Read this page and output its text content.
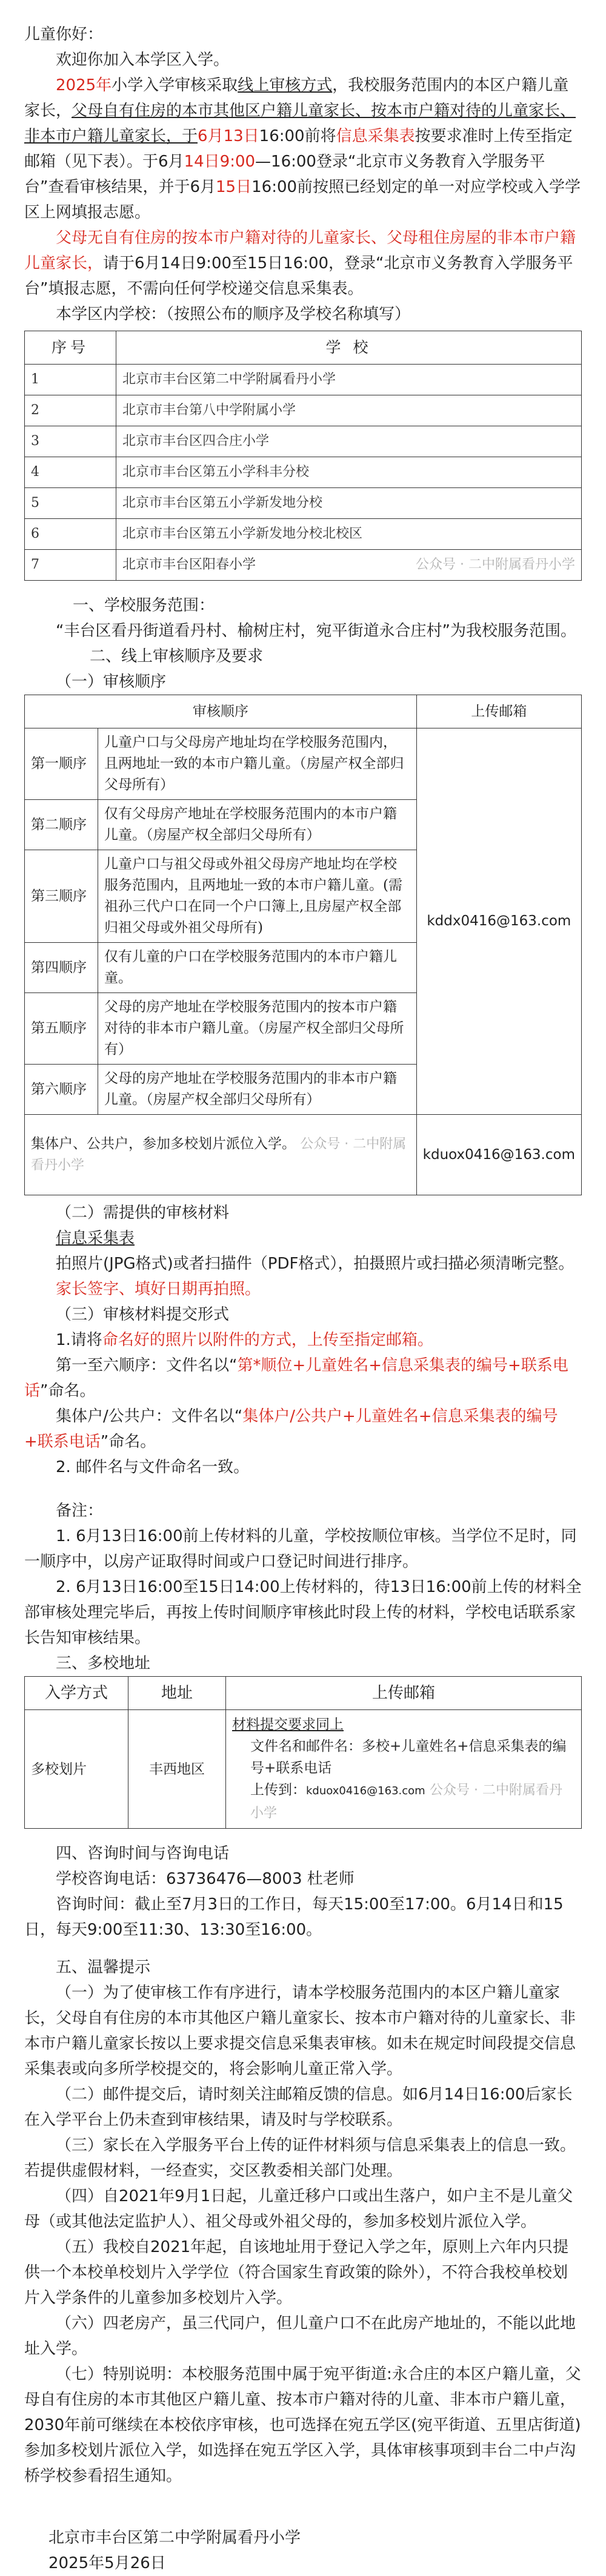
儿童你好：

欢迎你加入本学区入学。

2025年小学入学审核采取线上审核方式，我校服务范围内的本区户籍儿童家长，父母自有住房的本市其他区户籍儿童家长、按本市户籍对待的儿童家长、非本市户籍儿童家长，于6月13日16:00前将信息采集表按要求准时上传至指定邮箱（见下表）。于6月14日9:00—16:00登录“北京市义务教育入学服务平台”查看审核结果，并于6月15日16:00前按照已经划定的单一对应学校或入学学区上网填报志愿。

父母无自有住房的按本市户籍对待的儿童家长、父母租住房屋的非本市户籍儿童家长，请于6月14日9:00至15日16:00，登录“北京市义务教育入学服务平台”填报志愿，不需向任何学校递交信息采集表。

本学区内学校：（按照公布的顺序及学校名称填写）

序号	学 校
1	北京市丰台区第二中学附属看丹小学
2	北京市丰台第八中学附属小学
3	北京市丰台区四合庄小学
4	北京市丰台区第五小学科丰分校
5	北京市丰台区第五小学新发地分校
6	北京市丰台区第五小学新发地分校北校区
7	北京市丰台区阳春小学 公众号 · 二中附属看丹小学

一、学校服务范围：

“丰台区看丹街道看丹村、榆树庄村，宛平街道永合庄村”为我校服务范围。

二、线上审核顺序及要求

（一）审核顺序

审核顺序		上传邮箱
第一顺序	儿童户口与父母房产地址均在学校服务范围内，且两地址一致的本市户籍儿童。（房屋产权全部归父母所有）	kddx0416@163.com
第二顺序	仅有父母房产地址在学校服务范围内的本市户籍儿童。（房屋产权全部归父母所有）	
第三顺序	儿童户口与祖父母或外祖父母房产地址均在学校服务范围内，且两地址一致的本市户籍儿童。(需祖孙三代户口在同一个户口簿上,且房屋产权全部归祖父母或外祖父母所有)	
第四顺序	仅有儿童的户口在学校服务范围内的本市户籍儿童。	
第五顺序	父母的房产地址在学校服务范围内的按本市户籍对待的非本市户籍儿童。（房屋产权全部归父母所有）	
第六顺序	父母的房产地址在学校服务范围内的非本市户籍儿童。（房屋产权全部归父母所有）	
集体户、公共户，参加多校划片派位入学。 公众号 · 二中附属看丹小学		kduox0416@163.com

（二）需提供的审核材料

信息采集表

拍照片(JPG格式)或者扫描件（PDF格式），拍摄照片或扫描必须清晰完整。

家长签字、填好日期再拍照。

（三）审核材料提交形式

1.请将命名好的照片以附件的方式，上传至指定邮箱。

第一至六顺序：文件名以“第*顺位+儿童姓名+信息采集表的编号+联系电话”命名。

集体户/公共户：文件名以“集体户/公共户+儿童姓名+信息采集表的编号+联系电话”命名。

2. 邮件名与文件命名一致。

备注：

1. 6月13日16:00前上传材料的儿童，学校按顺位审核。当学位不足时，同一顺序中，以房产证取得时间或户口登记时间进行排序。

2. 6月13日16:00至15日14:00上传材料的，待13日16:00前上传的材料全部审核处理完毕后，再按上传时间顺序审核此时段上传的材料，学校电话联系家长告知审核结果。

三、多校地址

入学方式	地址	上传邮箱
多校划片	丰西地区	材料提交要求同上
文件名和邮件名：多校+儿童姓名+信息采集表的编号+联系电话
上传到：kduox0416@163.com 公众号 · 二中附属看丹小学

四、咨询时间与咨询电话

学校咨询电话：63736476—8003 杜老师

咨询时间：截止至7月3日的工作日，每天15:00至17:00。6月14日和15日，每天9:00至11:30、13:30至16:00。

五、温馨提示

（一）为了使审核工作有序进行，请本学校服务范围内的本区户籍儿童家长，父母自有住房的本市其他区户籍儿童家长、按本市户籍对待的儿童家长、非本市户籍儿童家长按以上要求提交信息采集表审核。如未在规定时间段提交信息采集表或向多所学校提交的，将会影响儿童正常入学。

（二）邮件提交后，请时刻关注邮箱反馈的信息。如6月14日16:00后家长在入学平台上仍未查到审核结果，请及时与学校联系。

（三）家长在入学服务平台上传的证件材料须与信息采集表上的信息一致。若提供虚假材料，一经查实，交区教委相关部门处理。

（四）自2021年9月1日起，儿童迁移户口或出生落户，如户主不是儿童父母（或其他法定监护人）、祖父母或外祖父母的，参加多校划片派位入学。

（五）我校自2021年起，自该地址用于登记入学之年，原则上六年内只提供一个本校单校划片入学学位（符合国家生育政策的除外），不符合我校单校划片入学条件的儿童参加多校划片入学。

（六）四老房产，虽三代同户，但儿童户口不在此房产地址的，不能以此地址入学。

（七）特别说明：本校服务范围中属于宛平街道:永合庄的本区户籍儿童，父母自有住房的本市其他区户籍儿童、按本市户籍对待的儿童、非本市户籍儿童，2030年前可继续在本校依序审核，也可选择在宛五学区(宛平街道、五里店街道)参加多校划片派位入学，如选择在宛五学区入学，具体审核事项到丰台二中卢沟桥学校参看招生通知。

北京市丰台区第二中学附属看丹小学

2025年5月26日
